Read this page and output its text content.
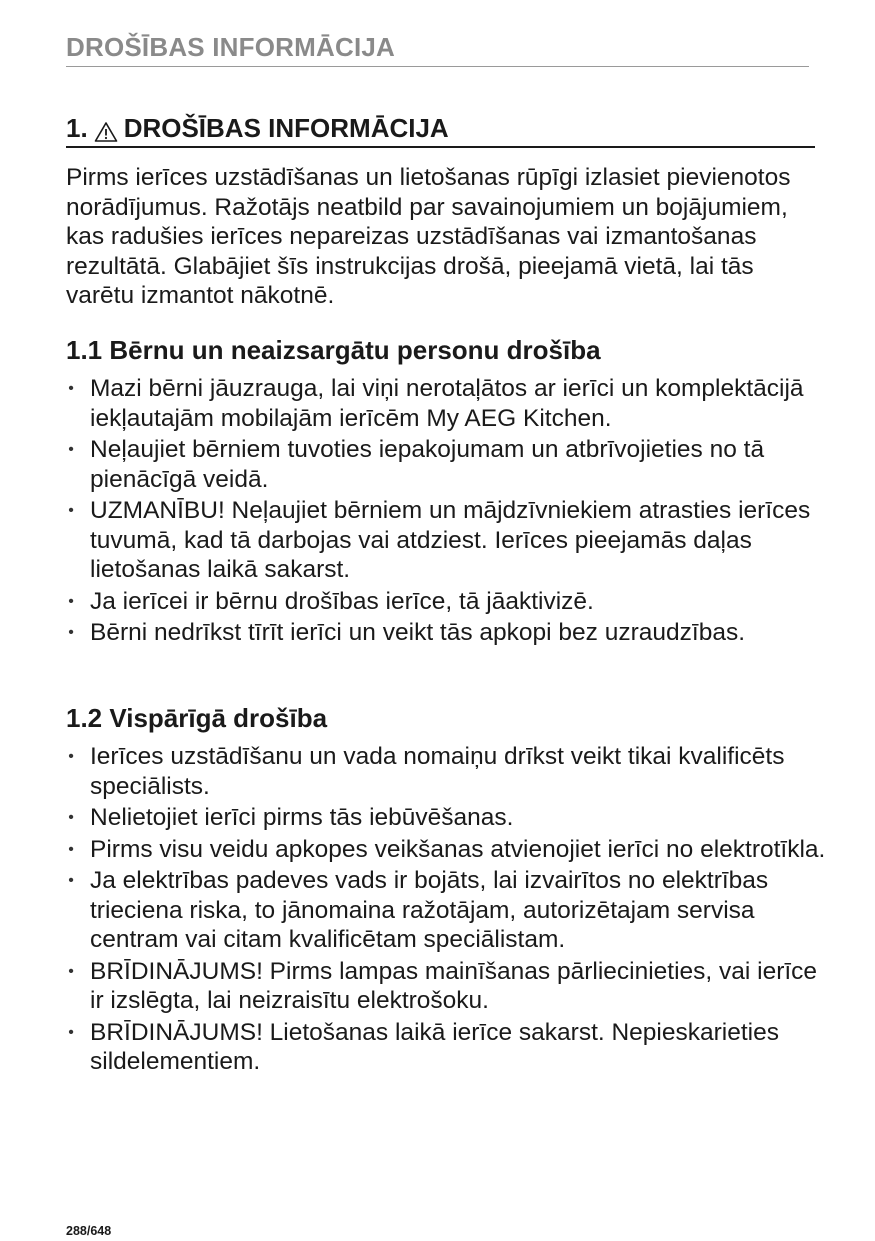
DROŠĪBAS INFORMĀCIJA
1. DROŠĪBAS INFORMĀCIJA

Pirms ierīces uzstādīšanas un lietošanas rūpīgi izlasiet pievienotos norādījumus. Ražotājs neatbild par savainojumiem un bojājumiem, kas radušies ierīces nepareizas uzstādīšanas vai izmantošanas rezultātā. Glabājiet šīs instrukcijas drošā, pieejamā vietā, lai tās varētu izmantot nākotnē.

1.1 Bērnu un neaizsargātu personu drošība
• Mazi bērni jāuzrauga, lai viņi nerotaļātos ar ierīci un komplektācijā iekļautajām mobilajām ierīcēm My AEG Kitchen.
• Neļaujiet bērniem tuvoties iepakojumam un atbrīvojieties no tā pienācīgā veidā.
• UZMANĪBU! Neļaujiet bērniem un mājdzīvniekiem atrasties ierīces tuvumā, kad tā darbojas vai atdziest. Ierīces pieejamās daļas lietošanas laikā sakarst.
• Ja ierīcei ir bērnu drošības ierīce, tā jāaktivizē.
• Bērni nedrīkst tīrīt ierīci un veikt tās apkopi bez uzraudzības.
1.2 Vispārīgā drošība
• Ierīces uzstādīšanu un vada nomaiņu drīkst veikt tikai kvalificēts speciālists.
• Nelietojiet ierīci pirms tās iebūvēšanas.
• Pirms visu veidu apkopes veikšanas atvienojiet ierīci no elektrotīkla.
• Ja elektrības padeves vads ir bojāts, lai izvairītos no elektrības trieciena riska, to jānomaina ražotājam, autorizētajam servisa centram vai citam kvalificētam speciālistam.
• BRĪDINĀJUMS! Pirms lampas mainīšanas pārliecinieties, vai ierīce ir izslēgta, lai neizraisītu elektrošoku.
• BRĪDINĀJUMS! Lietošanas laikā ierīce sakarst. Nepieskarieties sildelementiem.
288/648
